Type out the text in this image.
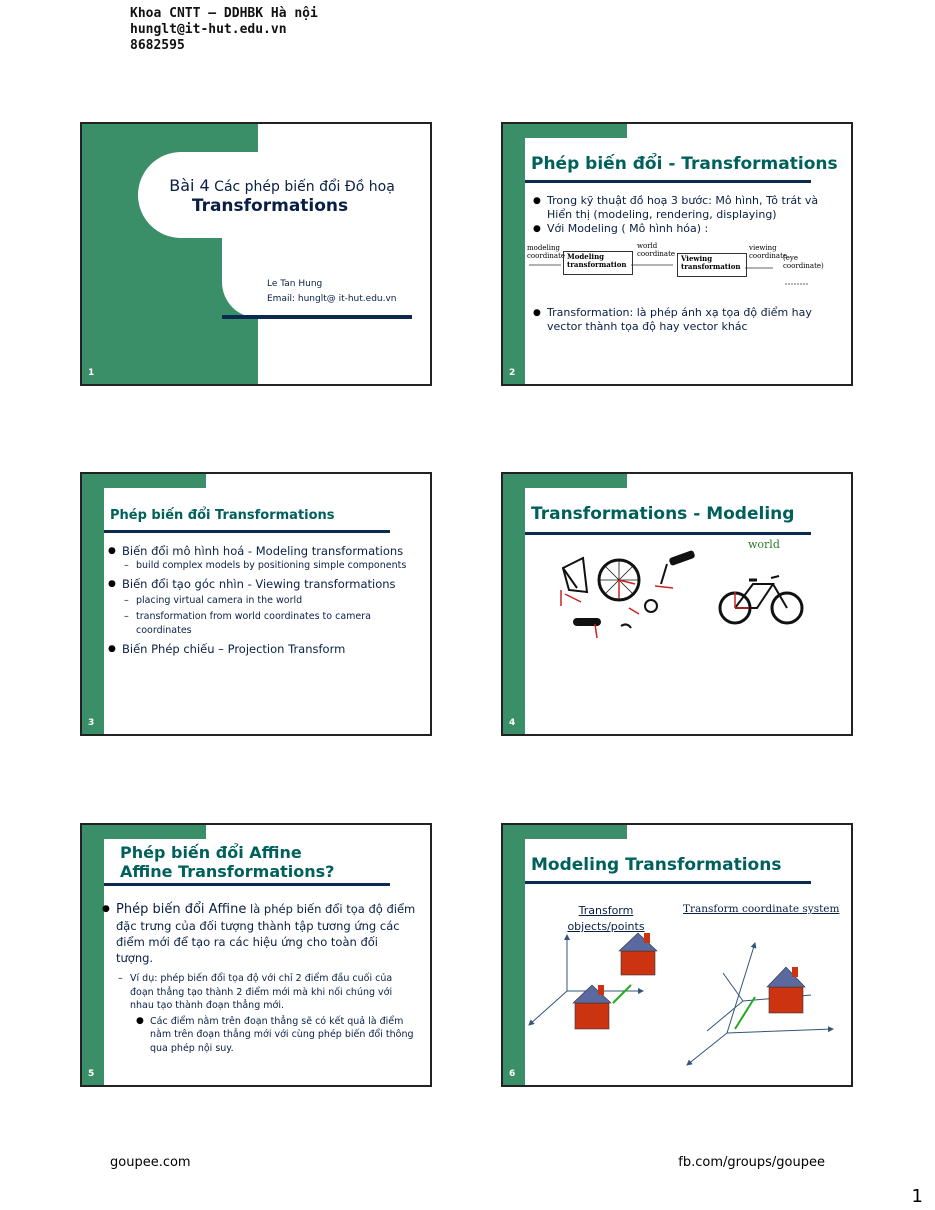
Khoa CNTT – DDHBK Hà nội
hunglt@it-hut.edu.vn
8682595
Bài 4 Các phép biến đổi Đồ hoạ
Transformations
Le Tan Hung
Email: hunglt@ it-hut.edu.vn
1
Phép biến đổi - Transformations
● Trong kỹ thuật đồ hoạ 3 bước: Mô hình, Tô trát và Hiển thị (modeling, rendering, displaying)
● Với Modeling ( Mô hình hóa) :
modeling coordinate Modeling transformation
world coordinate Viewing transformation
viewing coordinate
(eye coordinate)
● Transformation: là phép ánh xạ tọa độ điểm hay vector thành tọa độ hay vector khác
2
Phép biến đổi Transformations
● Biến đổi mô hình hoá - Modeling transformations
– build complex models by positioning simple components
● Biến đổi tạo góc nhìn - Viewing transformations
– placing virtual camera in the world
– transformation from world coordinates to camera coordinates
● Biến Phép chiếu – Projection Transform
3
Transformations - Modeling
world
4
Phép biến đổi Affine
Affine Transformations?
● Phép biến đổi Affine là phép biến đổi tọa độ điểm đặc trưng của đối tượng thành tập tương ứng các điểm mới để tạo ra các hiệu ứng cho toàn đối tượng.
– Ví dụ: phép biến đổi tọa độ với chỉ 2 điểm đầu cuối của đoạn thẳng tạo thành 2 điểm mới mà khi nối chúng với nhau tạo thành đoạn thẳng mới.
● Các điểm nằm trên đoạn thẳng sẽ có kết quả là điểm nằm trên đoạn thẳng mới với cùng phép biến đổi thông qua phép nội suy.
5
Modeling Transformations
Transform objects/points
Transform coordinate system
6
goupee.com	fb.com/groups/goupee
1
